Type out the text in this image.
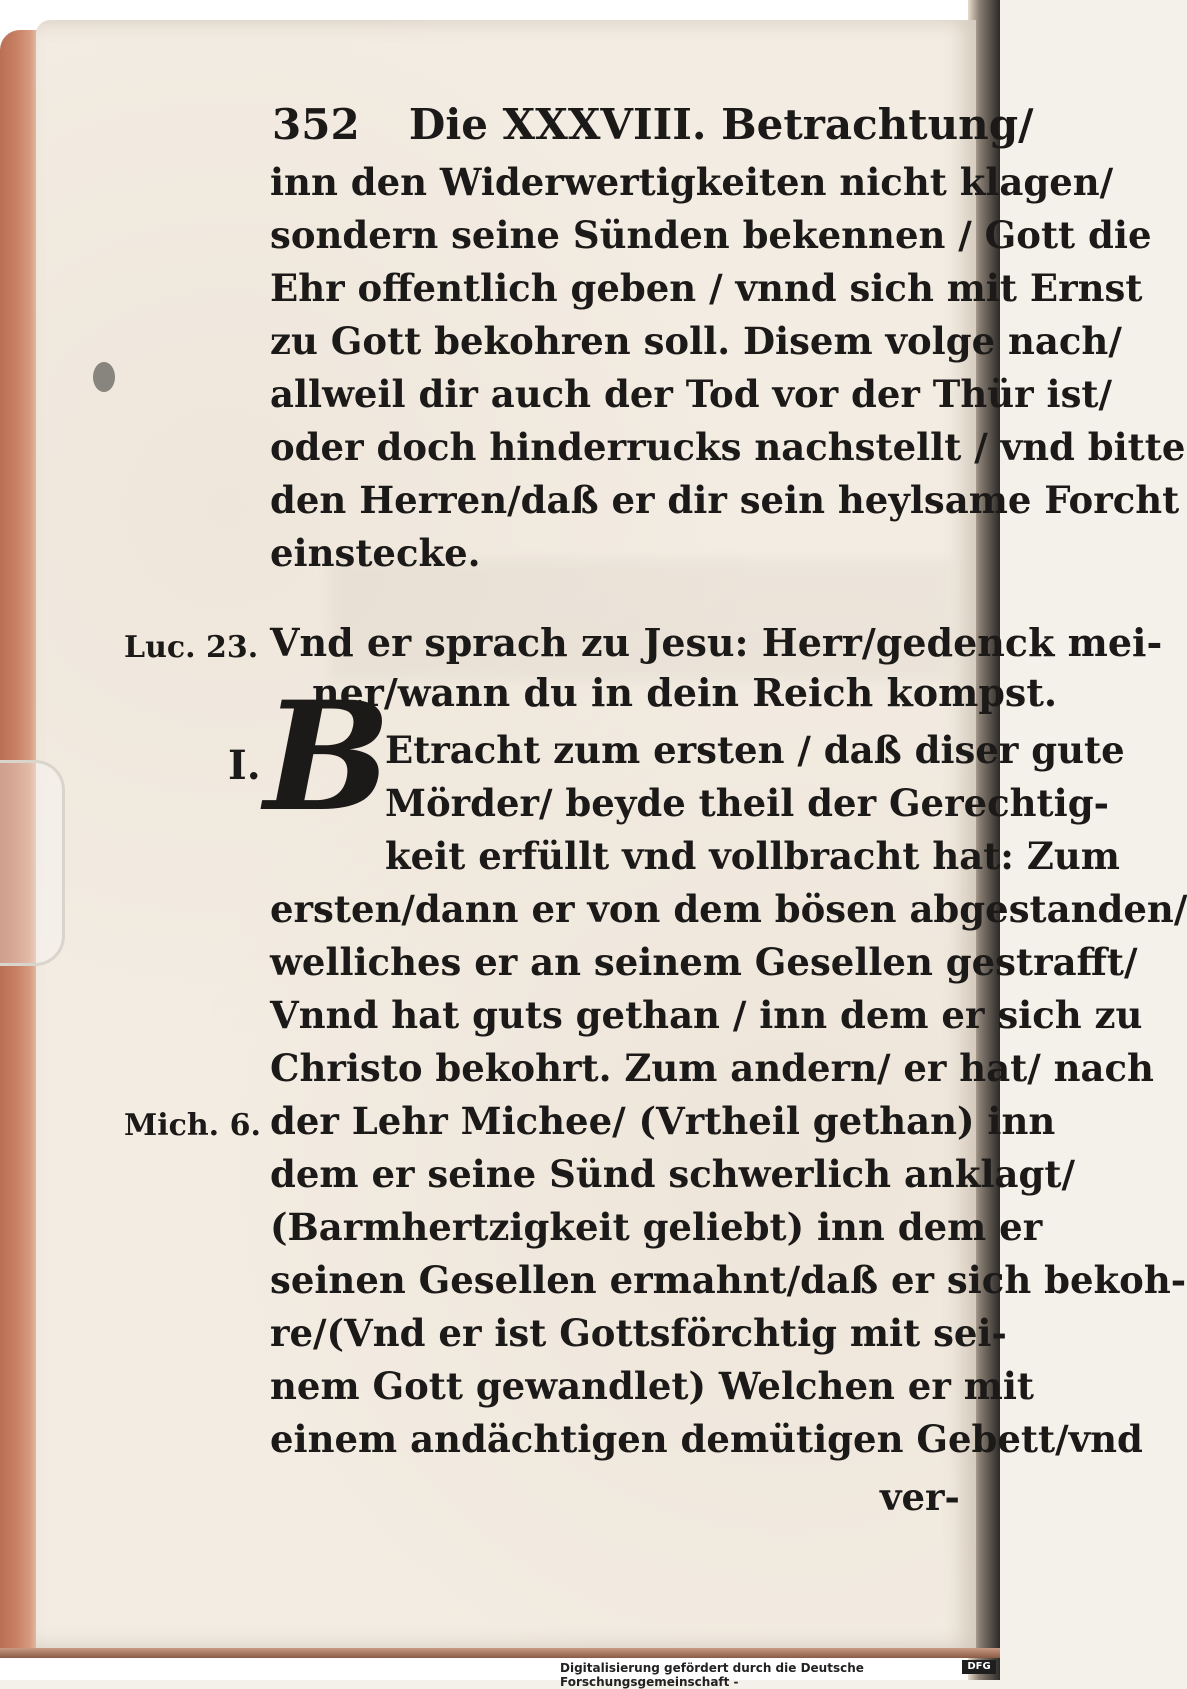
352 Die XXXVIII. Betrachtung/
inn den Widerwertigkeiten nicht klagen/
sondern seine Sünden bekennen / Gott die
Ehr offentlich geben / vnnd sich mit Ernst
zu Gott bekohren soll. Disem volge nach/
allweil dir auch der Tod vor der Thür ist/
oder doch hinderrucks nachstellt / vnd bitte
den Herren/daß er dir sein heylsame Forcht
einstecke.
Luc. 23. Vnd er sprach zu Jesu: Herr/gedenck mei-
ner/wann du in dein Reich kompst.
I. B
Etracht zum ersten / daß diser gute
Mörder/ beyde theil der Gerechtig-
keit erfüllt vnd vollbracht hat: Zum
ersten/dann er von dem bösen abgestanden/
welliches er an seinem Gesellen gestrafft/
Vnnd hat guts gethan / inn dem er sich zu
Christo bekohrt. Zum andern/ er hat/ nach
Mich. 6. der Lehr Michee/ (Vrtheil gethan) inn
dem er seine Sünd schwerlich anklagt/
(Barmhertzigkeit geliebt) inn dem er
seinen Gesellen ermahnt/daß er sich bekoh-
re/(Vnd er ist Gottsförchtig mit sei-
nem Gott gewandlet) Welchen er mit
einem andächtigen demütigen Gebett/vnd
ver-
Digitalisierung gefördert durch die Deutsche Forschungsgemeinschaft -
DFG
